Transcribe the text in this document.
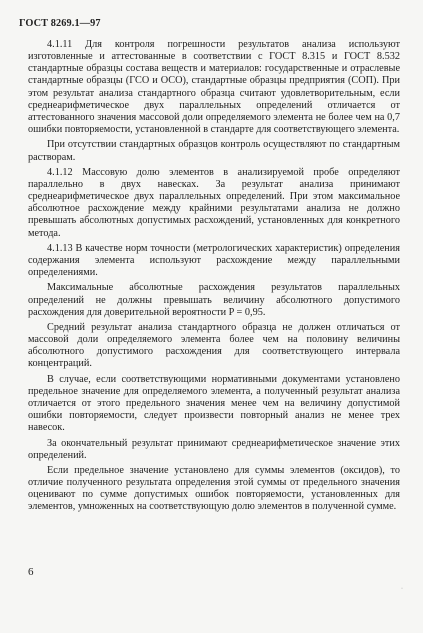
ГОСТ 8269.1—97

4.1.11 Для контроля погрешности результатов анализа используют изготовленные и аттестованные в соответствии с ГОСТ 8.315 и ГОСТ 8.532 стандартные образцы состава веществ и материалов: государственные и отраслевые стандартные образцы (ГСО и ОСО), стандартные образцы предприятия (СОП). При этом результат анализа стандартного образца считают удовлетворительным, если среднеарифметическое двух параллельных определений отличается от аттестованного значения массовой доли определяемого элемента не более чем на 0,7 ошибки повторяемости, установленной в стандарте для соответствующего элемента.

При отсутствии стандартных образцов контроль осуществляют по стандартным растворам.

4.1.12 Массовую долю элементов в анализируемой пробе определяют параллельно в двух навесках. За результат анализа принимают среднеарифметическое двух параллельных определений. При этом максимальное абсолютное расхождение между крайними результатами анализа не должно превышать абсолютных допустимых расхождений, установленных для конкретного метода.

4.1.13 В качестве норм точности (метрологических характеристик) определения содержания элемента используют расхождение между параллельными определениями.

Максимальные абсолютные расхождения результатов параллельных определений не должны превышать величину абсолютного допустимого расхождения для доверительной вероятности P = 0,95.

Средний результат анализа стандартного образца не должен отличаться от массовой доли определяемого элемента более чем на половину величины абсолютного допустимого расхождения для соответствующего интервала концентраций.

В случае, если соответствующими нормативными документами установлено предельное значение для определяемого элемента, а полученный результат анализа отличается от этого предельного значения менее чем на величину допустимой ошибки повторяемости, следует произвести повторный анализ не менее трех навесок.

За окончательный результат принимают среднеарифметическое значение этих определений.

Если предельное значение установлено для суммы элементов (оксидов), то отличие полученного результата определения этой суммы от предельного значения оценивают по сумме допустимых ошибок повторяемости, установленных для элементов, умноженных на соответствующую долю элементов в полученной сумме.

6
·
